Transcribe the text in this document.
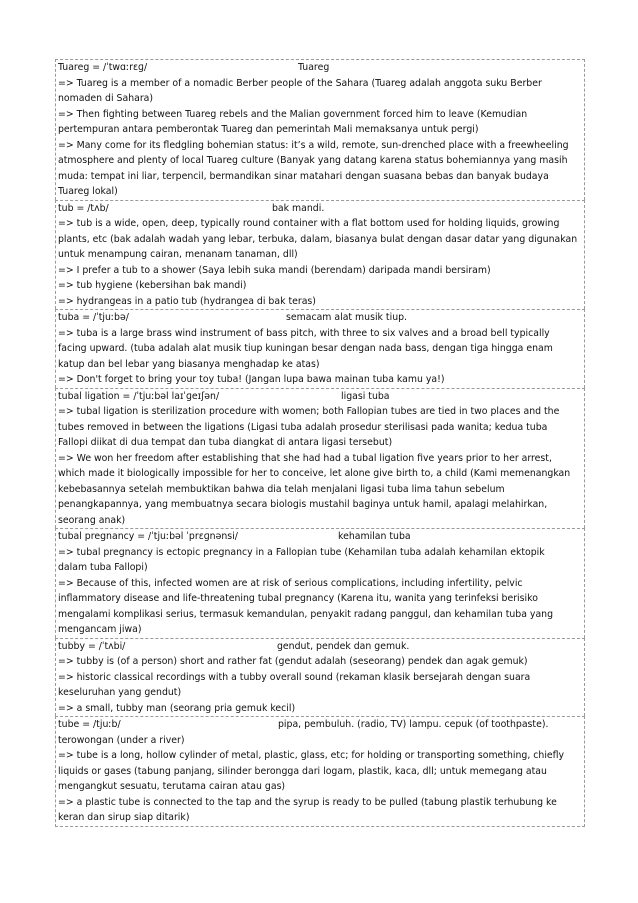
Tuareg = /ˈtwɑːrɛɡ/	Tuareg
=> Tuareg is a member of a nomadic Berber people of the Sahara (Tuareg adalah anggota suku Berber
nomaden di Sahara)
=> Then fighting between Tuareg rebels and the Malian government forced him to leave (Kemudian
pertempuran antara pemberontak Tuareg dan pemerintah Mali memaksanya untuk pergi)
=> Many come for its fledgling bohemian status: it’s a wild, remote, sun-drenched place with a freewheeling
atmosphere and plenty of local Tuareg culture (Banyak yang datang karena status bohemiannya yang masih
muda: tempat ini liar, terpencil, bermandikan sinar matahari dengan suasana bebas dan banyak budaya
Tuareg lokal)
tub = /tʌb/	bak mandi.
=> tub is a wide, open, deep, typically round container with a flat bottom used for holding liquids, growing
plants, etc (bak adalah wadah yang lebar, terbuka, dalam, biasanya bulat dengan dasar datar yang digunakan
untuk menampung cairan, menanam tanaman, dll)
=> I prefer a tub to a shower (Saya lebih suka mandi (berendam) daripada mandi bersiram)
=> tub hygiene (kebersihan bak mandi)
=> hydrangeas in a patio tub (hydrangea di bak teras)
tuba = /ˈtjuːbə/	semacam alat musik tiup.
=> tuba is a large brass wind instrument of bass pitch, with three to six valves and a broad bell typically
facing upward. (tuba adalah alat musik tiup kuningan besar dengan nada bass, dengan tiga hingga enam
katup dan bel lebar yang biasanya menghadap ke atas)
=> Don't forget to bring your toy tuba! (Jangan lupa bawa mainan tuba kamu ya!)
tubal ligation = /ˈtjuːbəl laɪˈɡeɪʃən/	ligasi tuba
=> tubal ligation is sterilization procedure with women; both Fallopian tubes are tied in two places and the
tubes removed in between the ligations (Ligasi tuba adalah prosedur sterilisasi pada wanita; kedua tuba
Fallopi diikat di dua tempat dan tuba diangkat di antara ligasi tersebut)
=> We won her freedom after establishing that she had had a tubal ligation five years prior to her arrest,
which made it biologically impossible for her to conceive, let alone give birth to, a child (Kami memenangkan
kebebasannya setelah membuktikan bahwa dia telah menjalani ligasi tuba lima tahun sebelum
penangkapannya, yang membuatnya secara biologis mustahil baginya untuk hamil, apalagi melahirkan,
seorang anak)
tubal pregnancy = /ˈtjuːbəl ˈprɛɡnənsi/	kehamilan tuba
=> tubal pregnancy is ectopic pregnancy in a Fallopian tube (Kehamilan tuba adalah kehamilan ektopik
dalam tuba Fallopi)
=> Because of this, infected women are at risk of serious complications, including infertility, pelvic
inflammatory disease and life-threatening tubal pregnancy (Karena itu, wanita yang terinfeksi berisiko
mengalami komplikasi serius, termasuk kemandulan, penyakit radang panggul, dan kehamilan tuba yang
mengancam jiwa)
tubby = /ˈtʌbi/	gendut, pendek dan gemuk.
=> tubby is (of a person) short and rather fat (gendut adalah (seseorang) pendek dan agak gemuk)
=> historic classical recordings with a tubby overall sound (rekaman klasik bersejarah dengan suara
keseluruhan yang gendut)
=> a small, tubby man (seorang pria gemuk kecil)
tube = /tjuːb/	pipa, pembuluh. (radio, TV) lampu. cepuk (of toothpaste).
terowongan (under a river)
=> tube is a long, hollow cylinder of metal, plastic, glass, etc; for holding or transporting something, chiefly
liquids or gases (tabung panjang, silinder berongga dari logam, plastik, kaca, dll; untuk memegang atau
mengangkut sesuatu, terutama cairan atau gas)
=> a plastic tube is connected to the tap and the syrup is ready to be pulled (tabung plastik terhubung ke
keran dan sirup siap ditarik)
